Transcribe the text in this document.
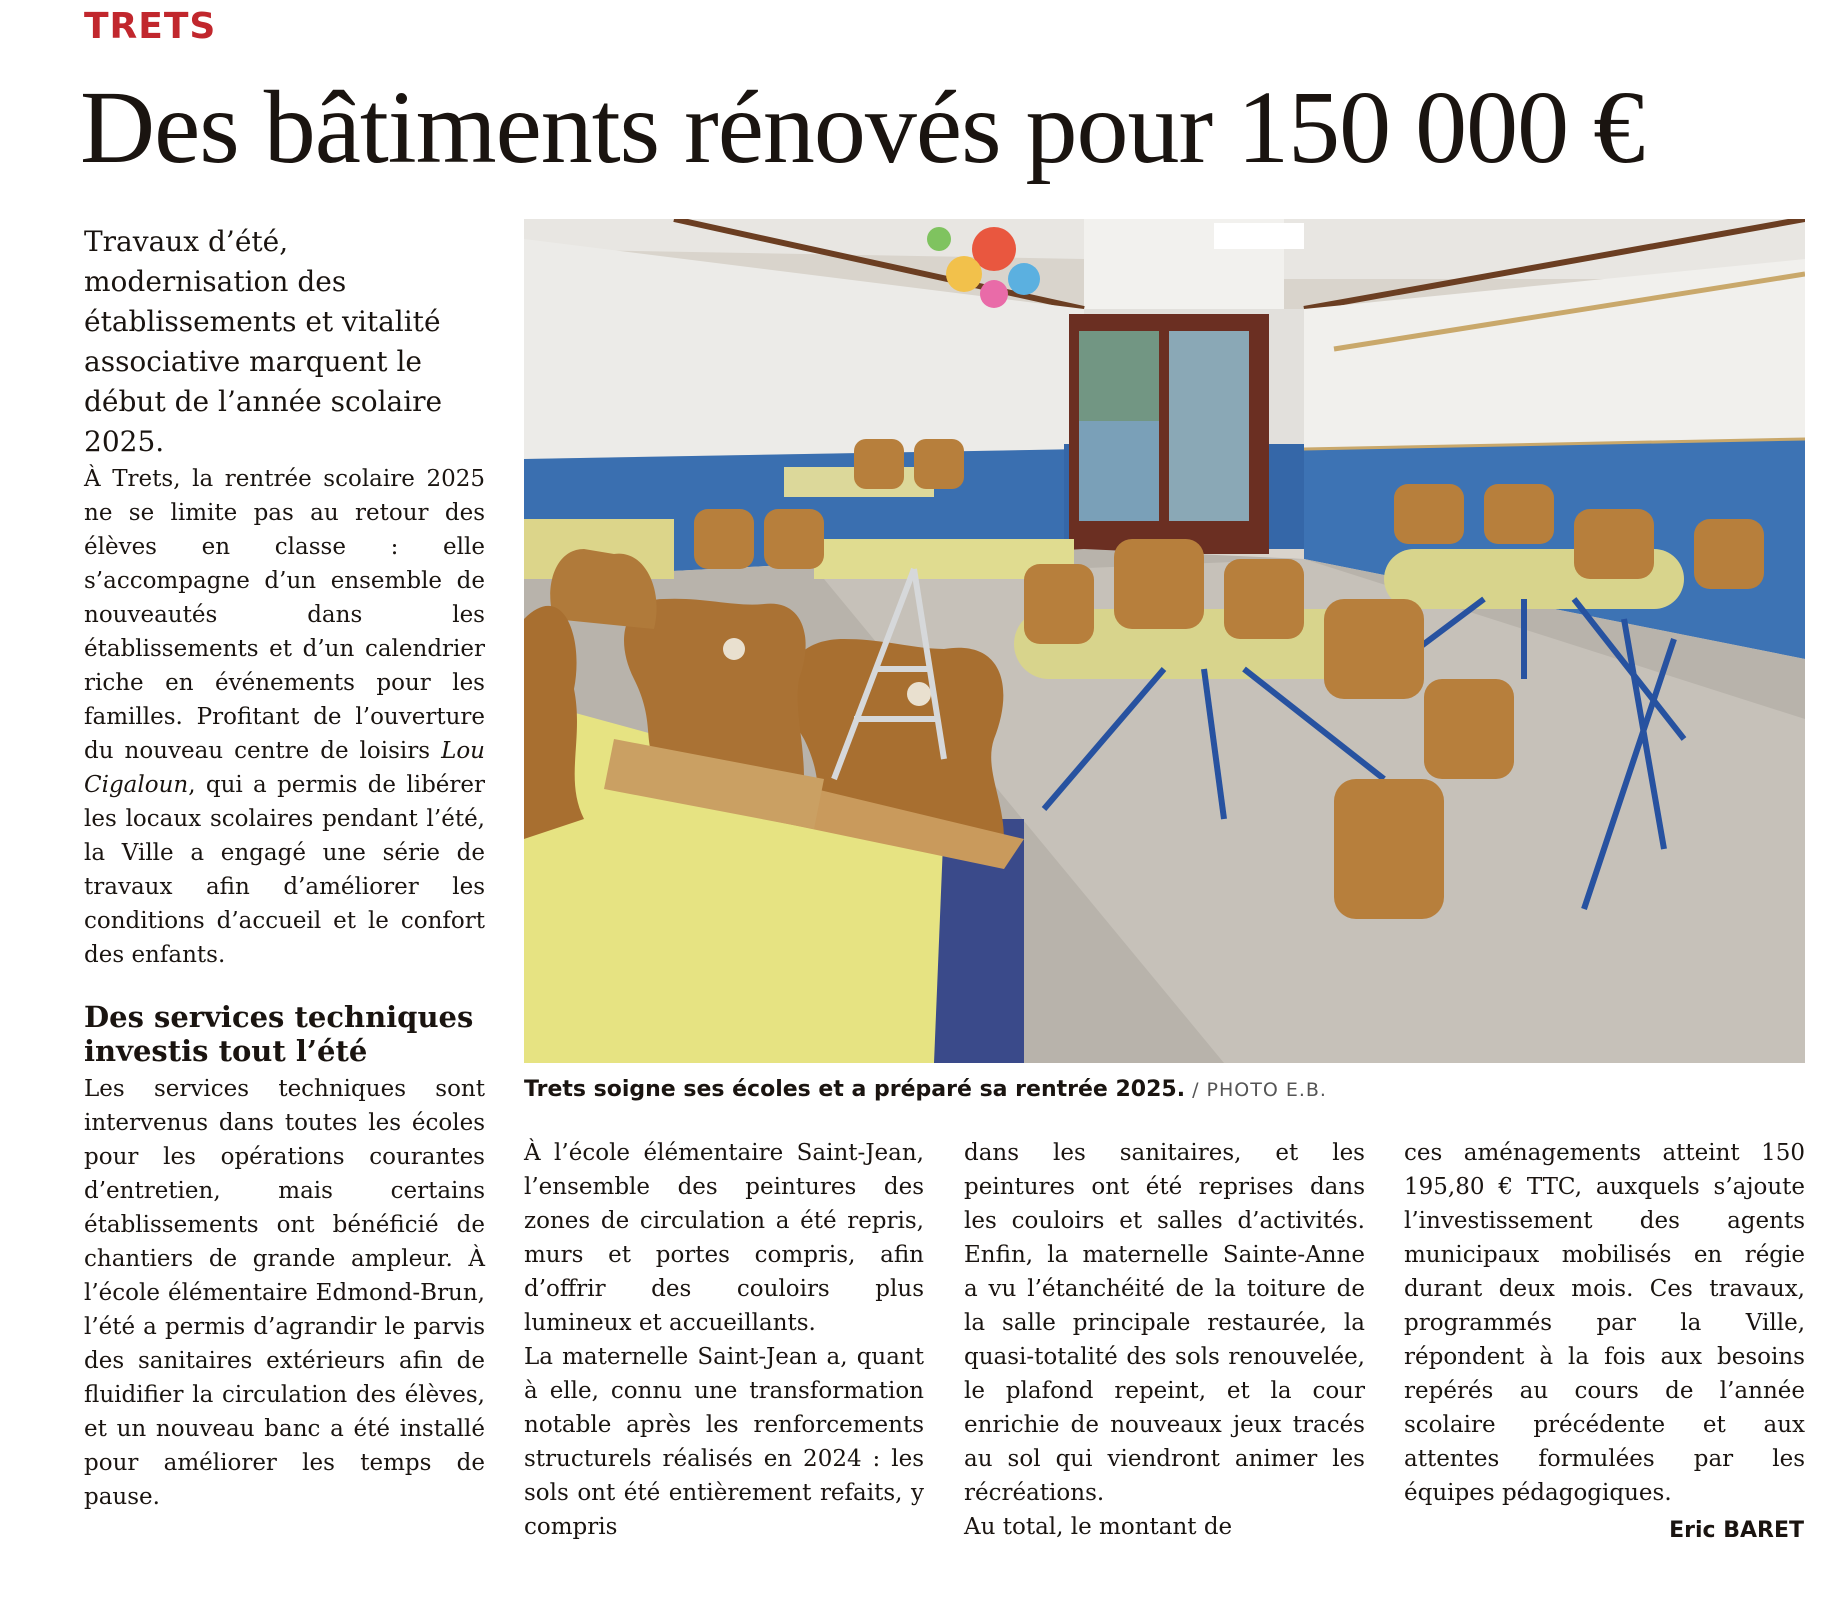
TRETS
Des bâtiments rénovés pour 150 000 €

Travaux d’été, modernisation des établissements et vitalité associative marquent le début de l’année scolaire 2025.

À Trets, la rentrée scolaire 2025 ne se limite pas au retour des élèves en classe : elle s’accompagne d’un ensemble de nouveautés dans les établissements et d’un calendrier riche en événements pour les familles. Profitant de l’ouverture du nouveau centre de loisirs Lou Cigaloun, qui a permis de libérer les locaux scolaires pendant l’été, la Ville a engagé une série de travaux afin d’améliorer les conditions d’accueil et le confort des enfants.

Des services techniques investis tout l’été

Les services techniques sont intervenus dans toutes les écoles pour les opérations courantes d’entretien, mais certains établissements ont bénéficié de chantiers de grande ampleur. À l’école élémentaire Edmond-Brun, l’été a permis d’agrandir le parvis des sanitaires extérieurs afin de fluidifier la circulation des élèves, et un nouveau banc a été installé pour améliorer les temps de pause.

Trets soigne ses écoles et a préparé sa rentrée 2025. / PHOTO E.B.

À l’école élémentaire Saint-Jean, l’ensemble des peintures des zones de circulation a été repris, murs et portes compris, afin d’offrir des couloirs plus lumineux et accueillants.

La maternelle Saint-Jean a, quant à elle, connu une transformation notable après les renforcements structurels réalisés en 2024 : les sols ont été entièrement refaits, y compris

dans les sanitaires, et les peintures ont été reprises dans les couloirs et salles d’activités. Enfin, la maternelle Sainte-Anne a vu l’étanchéité de la toiture de la salle principale restaurée, la quasi-totalité des sols renouvelée, le plafond repeint, et la cour enrichie de nouveaux jeux tracés au sol qui viendront animer les récréations.

Au total, le montant de

ces aménagements atteint 150 195,80 € TTC, auxquels s’ajoute l’investissement des agents municipaux mobilisés en régie durant deux mois. Ces travaux, programmés par la Ville, répondent à la fois aux besoins repérés au cours de l’année scolaire précédente et aux attentes formulées par les équipes pédagogiques.

Eric BARET
